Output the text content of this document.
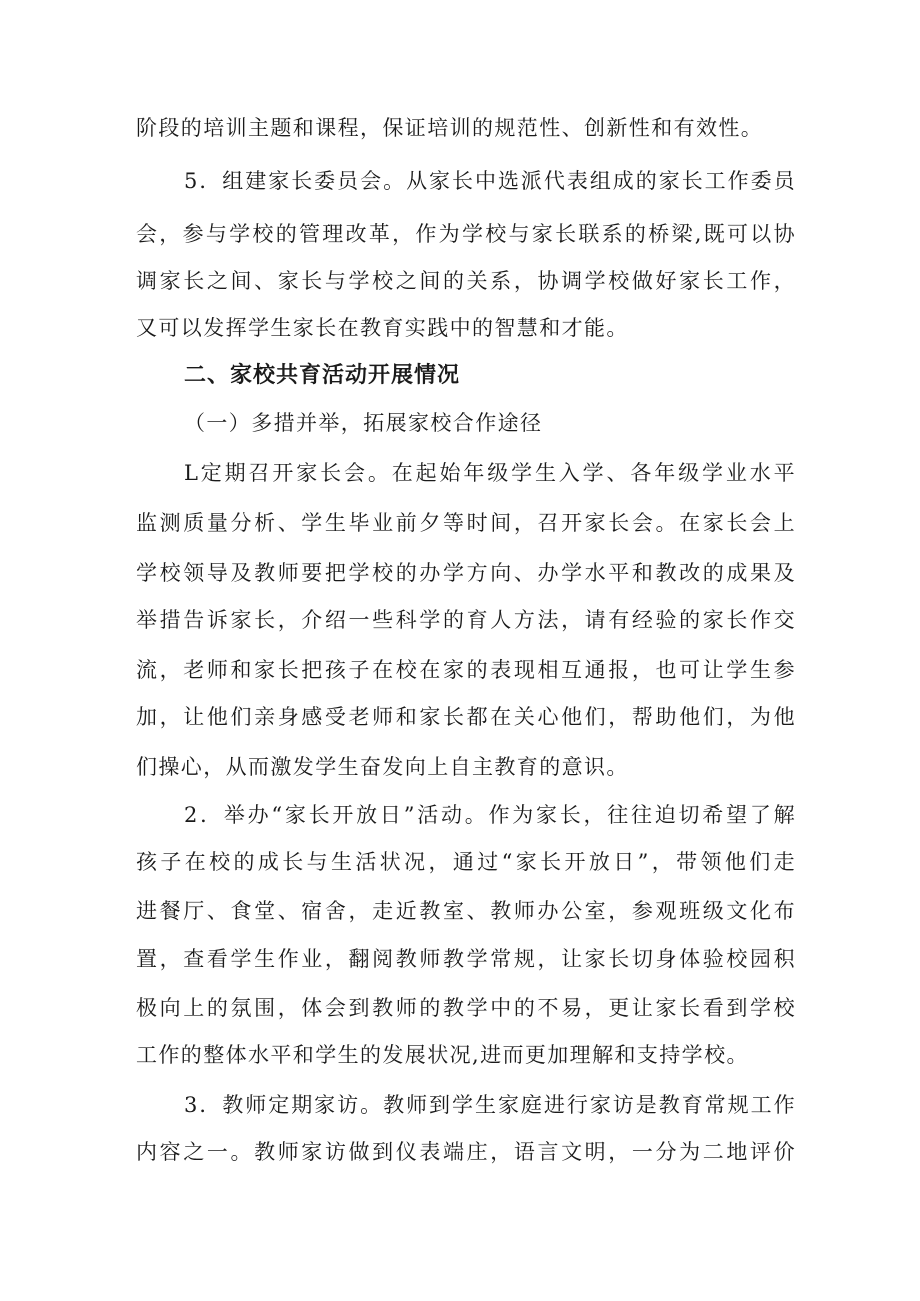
阶段的培训主题和课程，保证培训的规范性、创新性和有效性。
5．组建家长委员会。从家长中选派代表组成的家长工作委员
会，参与学校的管理改革，作为学校与家长联系的桥梁,既可以协
调家长之间、家长与学校之间的关系，协调学校做好家长工作，
又可以发挥学生家长在教育实践中的智慧和才能。
二、家校共育活动开展情况
（一）多措并举，拓展家校合作途径
L定期召开家长会。在起始年级学生入学、各年级学业水平
监测质量分析、学生毕业前夕等时间，召开家长会。在家长会上
学校领导及教师要把学校的办学方向、办学水平和教改的成果及
举措告诉家长，介绍一些科学的育人方法，请有经验的家长作交
流，老师和家长把孩子在校在家的表现相互通报，也可让学生参
加，让他们亲身感受老师和家长都在关心他们，帮助他们，为他
们操心，从而激发学生奋发向上自主教育的意识。
2．举办“家长开放日”活动。作为家长，往往迫切希望了解
孩子在校的成长与生活状况，通过“家长开放日”，带领他们走
进餐厅、食堂、宿舍，走近教室、教师办公室，参观班级文化布
置，查看学生作业，翻阅教师教学常规，让家长切身体验校园积
极向上的氛围，体会到教师的教学中的不易，更让家长看到学校
工作的整体水平和学生的发展状况,进而更加理解和支持学校。
3．教师定期家访。教师到学生家庭进行家访是教育常规工作
内容之一。教师家访做到仪表端庄，语言文明，一分为二地评价
